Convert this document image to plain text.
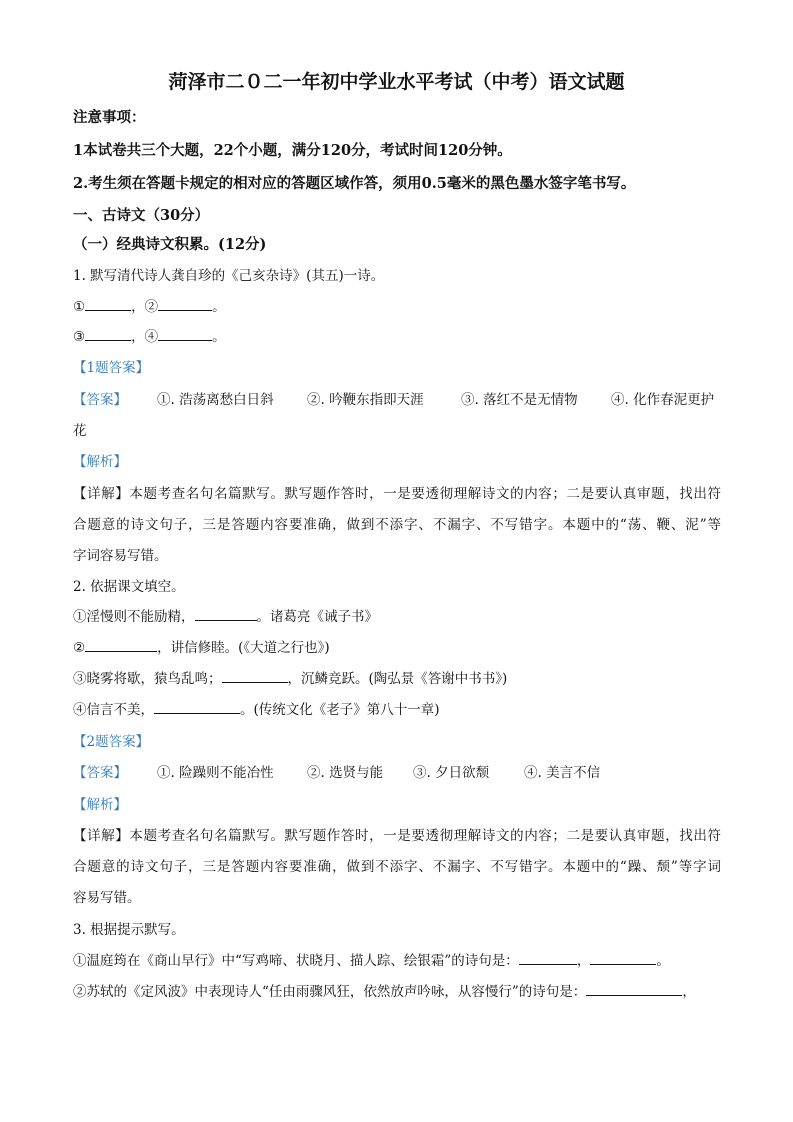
菏泽市二０二一年初中学业水平考试（中考）语文试题
注意事项：
1本试卷共三个大题，22个小题，满分120分，考试时间120分钟。
2.考生须在答题卡规定的相对应的答题区域作答，须用0.5毫米的黑色墨水签字笔书写。
一、古诗文（30分）
（一）经典诗文积累。(12分)
1. 默写清代诗人龚自珍的《己亥杂诗》(其五)一诗。
①	，②	。
③	，④	。
【1题答案】
【答案】 ①. 浩荡离愁白日斜 ②. 吟鞭东指即天涯	③. 落红不是无情物 ④. 化作春泥更护
花
【解析】
【详解】本题考查名句名篇默写。默写题作答时，一是要透彻理解诗文的内容；二是要认真审题，找出符
合题意的诗文句子，三是答题内容要准确，做到不添字、不漏字、不写错字。本题中的“荡、鞭、泥”等
字词容易写错。
2. 依据课文填空。
①淫慢则不能励精，	。诸葛亮《诫子书》
②	，讲信修睦。(《大道之行也》)
③晓雾将歇，猿鸟乱鸣；	，沉鳞竞跃。(陶弘景《答谢中书书》)
④信言不美，	。(传统文化《老子》第八十一章)
【2题答案】
【答案】 ①. 险躁则不能冶性 ②. 选贤与能 ③. 夕日欲颓	④. 美言不信
【解析】
【详解】本题考查名句名篇默写。默写题作答时，一是要透彻理解诗文的内容；二是要认真审题，找出符
合题意的诗文句子，三是答题内容要准确，做到不添字、不漏字、不写错字。本题中的“躁、颓”等字词
容易写错。
3. 根据提示默写。
①温庭筠在《商山早行》中“写鸡啼、状晓月、描人踪、绘银霜”的诗句是：	，	。
②苏轼的《定风波》中表现诗人“任由雨骤风狂，依然放声吟咏，从容慢行”的诗句是：	，
